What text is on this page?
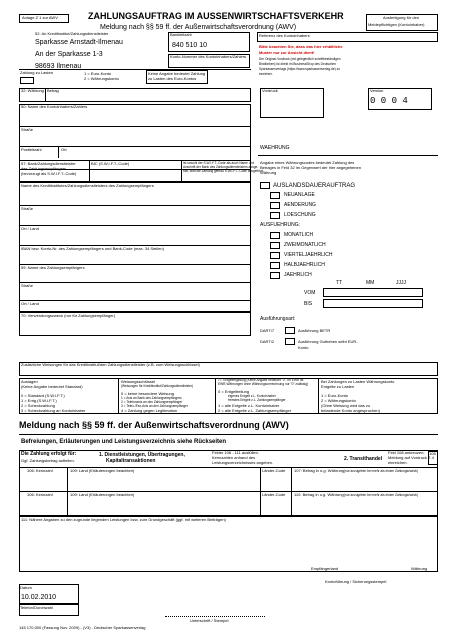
Anlage Z 1 zur AWV	ZAHLUNGSAUFTRAG IM AUSSENWIRTSCHAFTSVERKEHR
Meldung nach §§ 59 ff. der Außenwirtschaftsverordnung (AWV)
Ausfertigung für den
Meldepflichtigen (Kontoinhaber)
52: An Kreditinstitut/Zahlungsdienstleister
Sparkasse Arnstadt-Ilmenau
An der Sparkasse 1-3
98693 Ilmenau
Bankleitzahl
840 510 10
Konto-Nummer des Kontoinhabers/Zahlers
Referenz des Kontoinhabers
Bitte beachten Sie, dass das hier erhältliche
Muster nur zur Ansicht dient!
Der Original-Vordruck (mit gelegentlich schriftbeständigen
Bindfarben) ist direkt im BusinessShop des Deutschen
Sparkassenverlags (https://www.sparkassenverlag.de) zu
beziehen.
Zahlung zu Lasten	1 = Euro-Konto
2 = Währungskonto
Keine Angabe bedeutet Zahlung
zu Lasten des Euro-Kontos
32: Währung Betrag	Vordruck	Version
0 0 0 4
50: Name des Kontoinhabers/Zahlers
Straße
Postleitzahl	Ort
57: Bank/Zahlungsdienstleister
des Zahlungsempfängers
(bevorzugt als S.W.I.F.T.-Code)
BIC (S.W.I.F.T.-Code)	Ist sowohl der S.W.I.F.T.-Code als auch Name und
Anschrift der Bank des Zahlungsdienstleisters ausge-
füllt, wird die Zahlung gemäß S.W.I.F.T.-Code ausgeführt.
Name des Kreditinstitutes/Zahlungsdienstleisters des Zahlungsempfängers
Straße
Ort / Land
IBAN bzw. Konto-Nr. des Zahlungsempfängers und Bank-Code (max. 34 Stellen)
59: Name des Zahlungsempfängers
Straße
Ort / Land
70: Verwendungszweck (nur für Zahlungsempfänger)
WAEHRUNG
Angabe eines Währungscodes bedeutet Zahlung des
Betrages in Feld 32 im Gegenwert der hier angegebenen
Währung
AUSLANDSDAUERAUFTRAG
NEUANLAGE
AENDERUNG
LOESCHUNG
AUSFUEHRUNG:
MONATLICH
ZWEIMONATLICH
VIERTELJAEHRLICH
HALBJAEHRLICH
JAEHRLICH
TT	MM	JJJJ
VOM
BIS
Ausführungsart:
DART/7	Ausführung BETR
DART/2	Ausführung Gutheben selbt EUR-
Konto
Zusätzliche Weisungen für das Kreditinstitut/den Zahlungsdienstleister (z.B. zum Weisungsschlüssel)
Auslagen
(Keine Angabe bedeutet Standard)
0 = Standard (S.W.I.F.T.)
1 = Entg.(S.W.I.F.T.)
2 = Scheckzahlung
3 = Scheckzahlung an Kontoinhaber
Weisungsschlüssel
(Weisungen für Kreditinstitut/Zahlungsdienstleister)
0 = keine besondere Weisung
1 = Avis an Bank des Zahlungsempfängers
2 = Telefonavis an den Zahlungsempfänger
3 = Telex-/Fax-Avis an den Zahlungsempfänger
4 = Zahlung gegen Legitimation
77: Entgeltregelung (Keine Angabe bedeutet "0". Im EWR ist
EWR-Währungen ohne Währungsumrechnung nur "0" zulässig)
0 = Entgeltteilung
eigenes Entgelt z.L. Kontoinhaber
fremdes Entgelt z.L. Zahlungsempfänger
1 = alle Entgelte z.L. Kontoinhaber
2 = alle Entgelte z.L. Zahlungsempfänger
Bei Zahlungen zu Lasten Währungskonto
Entgelte zu Lasten
1 = Euro-Konto
2 = Währungskonto
(Ohne Weisung wird das zu
belastende Konto angesprochen)
Meldung nach §§ 59 ff. der Außenwirtschaftsverordnung (AWV)
Befreiungen, Erläuterungen und Leistungsverzeichnis siehe Rückseiten
Die Zahlung erfolgt für:
Ggf. Zahlungsbetrag aufteilen.
1. Dienstleistungen, Übertragungen,
Kapitaltransaktionen
Felder 106 - 111 ausfüllen.
Kennzahlen anhand des
Leistungsverzeichnisses angeben.
2. Transithandel
Feld 108 ankreuzen;
Meldung auf Vordruck Z 4
einreichen.
108
106: Kennzahl	109: Land (Erläuterungen beachten)	Länder-Code 107: Betrag in o.g. Währung (nur anzugeben bei mehr als einem Zahlungszweck)
106: Kennzahl	109: Land (Erläuterungen beachten)	Länder-Code 110: Betrag in o.g. Währung (nur anzugeben bei mehr als einem Zahlungszweck)
111: Nähere Angaben zu den zugrunde liegenden Leistungen bzw. zum Grundgeschäft (ggf. mit weiteren Beiträgen)
Empfängerland	Währung
Kontoführung / Sicherungsstempel
Datum
10.02.2010
Telefon/Durchwahl
Unterschrift / Stempel
145 170.000 (Fassung Nov. 2009) - (V3) - Deutscher Sparkassenverlag
